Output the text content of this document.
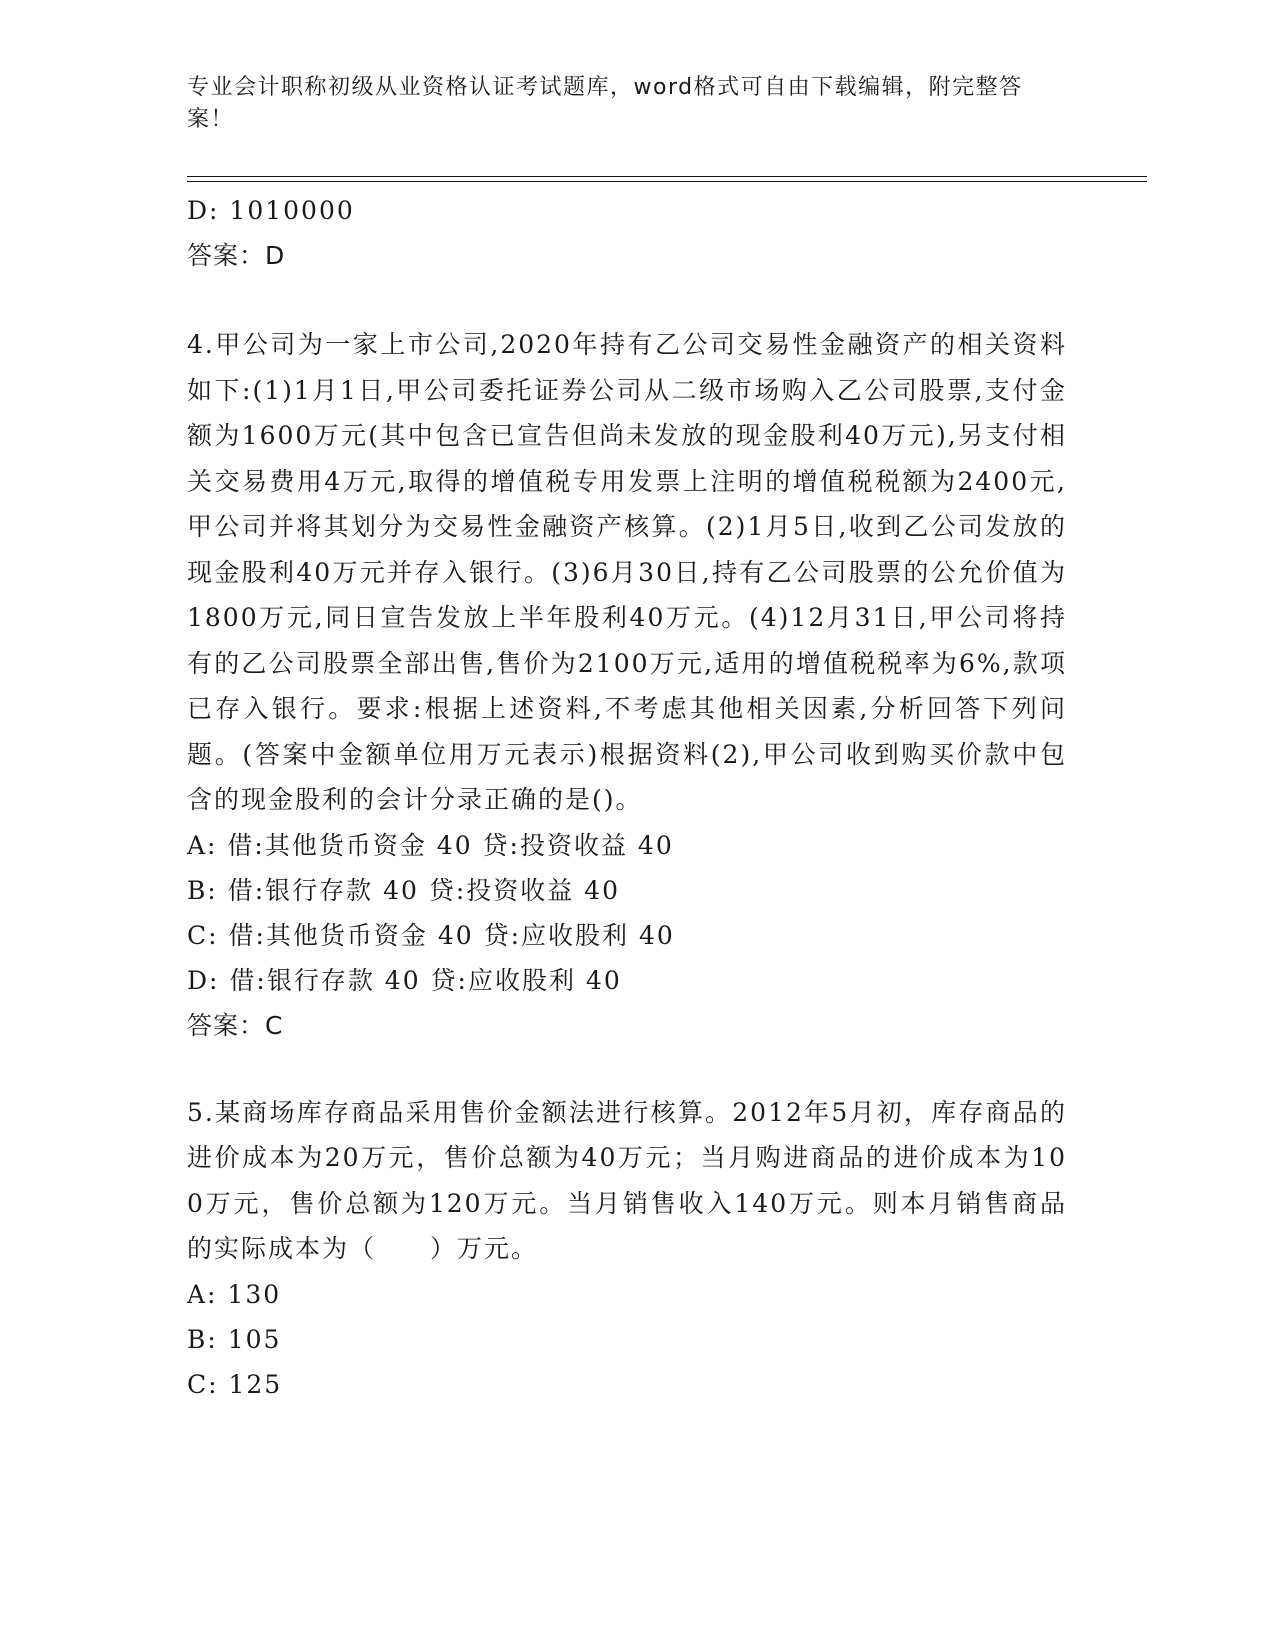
专业会计职称初级从业资格认证考试题库，word格式可自由下载编辑，附完整答案！
D: 1010000
答案：D
4.甲公司为一家上市公司,2020年持有乙公司交易性金融资产的相关资料如下:(1)1月1日,甲公司委托证券公司从二级市场购入乙公司股票,支付金额为1600万元(其中包含已宣告但尚未发放的现金股利40万元),另支付相关交易费用4万元,取得的增值税专用发票上注明的增值税税额为2400元,甲公司并将其划分为交易性金融资产核算。(2)1月5日,收到乙公司发放的现金股利40万元并存入银行。(3)6月30日,持有乙公司股票的公允价值为1800万元,同日宣告发放上半年股利40万元。(4)12月31日,甲公司将持有的乙公司股票全部出售,售价为2100万元,适用的增值税税率为6%,款项已存入银行。要求:根据上述资料,不考虑其他相关因素,分析回答下列问题。(答案中金额单位用万元表示)根据资料(2),甲公司收到购买价款中包含的现金股利的会计分录正确的是()。
A: 借:其他货币资金 40 贷:投资收益 40
B: 借:银行存款 40 贷:投资收益 40
C: 借:其他货币资金 40 贷:应收股利 40
D: 借:银行存款 40 贷:应收股利 40
答案：C
5.某商场库存商品采用售价金额法进行核算。2012年5月初，库存商品的进价成本为20万元，售价总额为40万元；当月购进商品的进价成本为100万元，售价总额为120万元。当月销售收入140万元。则本月销售商品的实际成本为（　　）万元。
A: 130
B: 105
C: 125
